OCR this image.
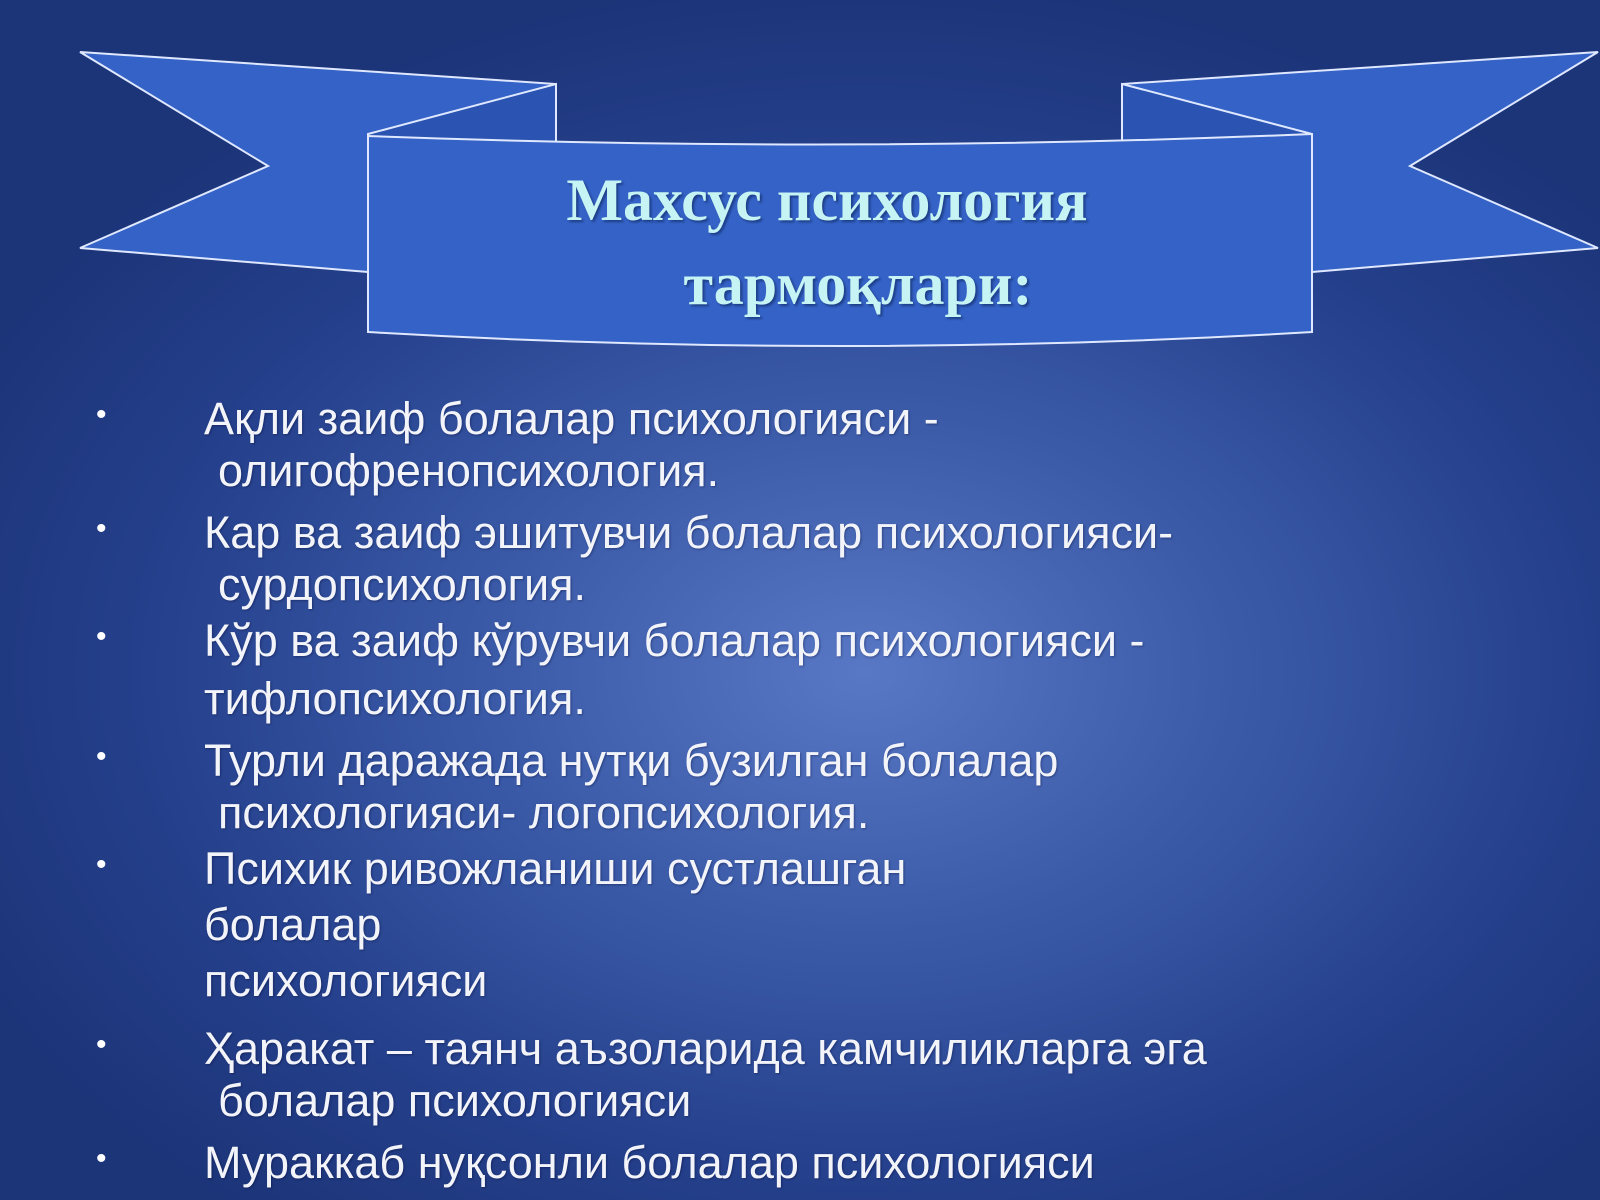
Махсус психология
тармоқлари:
• Ақли заиф болалар психологияси -
олигофренопсихология.
• Кар ва заиф эшитувчи болалар психологияси-
сурдопсихология.
• Кўр ва заиф кўрувчи болалар психологияси -
тифлопсихология.
• Турли даражада нутқи бузилган болалар
психологияси- логопсихология.
• Психик ривожланиши сустлашган
болалар
психологияси
• Ҳаракат – таянч аъзоларида камчиликларга эга
болалар психологияси
• Мураккаб нуқсонли болалар психологияси
